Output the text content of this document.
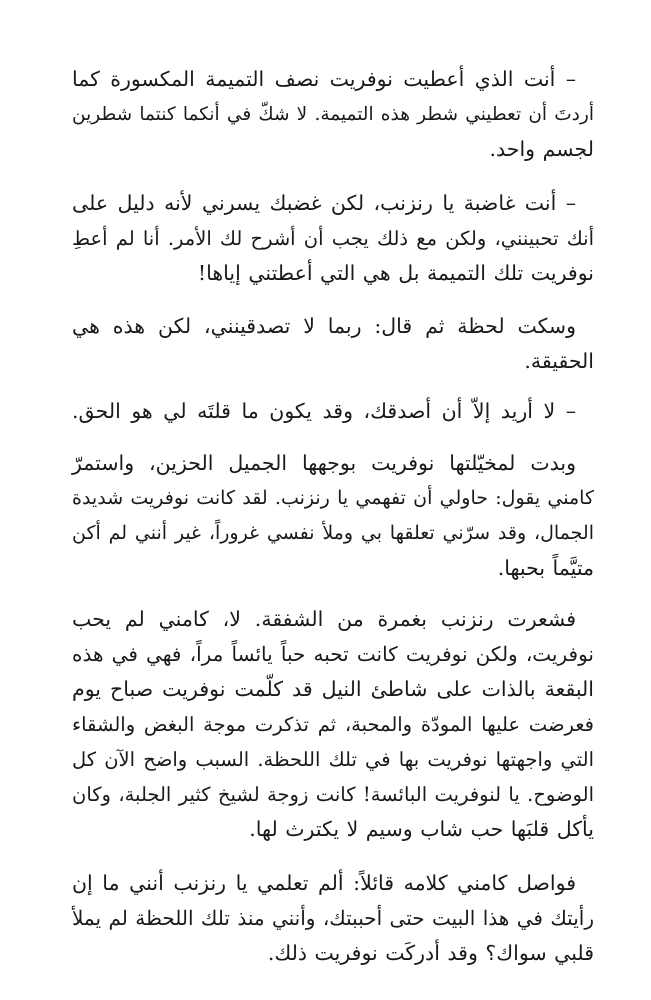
– أنت الذي أعطيت نوفريت نصف التميمة المكسورة كما
أردتَ أن تعطيني شطر هذه التميمة. لا شكّ في أنكما كنتما شطرين
لجسم واحد.
– أنت غاضبة يا رنزنب، لكن غضبك يسرني لأنه دليل على
أنك تحبينني، ولكن مع ذلك يجب أن أشرح لك الأمر. أنا لم أعطِ
نوفريت تلك التميمة بل هي التي أعطتني إياها!
وسكت لحظة ثم قال: ربما لا تصدقينني، لكن هذه هي
الحقيقة.
– لا أريد إلاّ أن أصدقك، وقد يكون ما قلتَه لي هو الحق.
وبدت لمخيّلتها نوفريت بوجهها الجميل الحزين، واستمرّ
كامني يقول: حاولي أن تفهمي يا رنزنب. لقد كانت نوفريت شديدة
الجمال، وقد سرّني تعلقها بي وملأ نفسي غروراً، غير أنني لم أكن
متيَّماً بحبها.
فشعرت رنزنب بغمرة من الشفقة. لا، كامني لم يحب
نوفريت، ولكن نوفريت كانت تحبه حباً يائساً مراً، فهي في هذه
البقعة بالذات على شاطئ النيل قد كلّمت نوفريت صباح يوم
فعرضت عليها المودّة والمحبة، ثم تذكرت موجة البغض والشقاء
التي واجهتها نوفريت بها في تلك اللحظة. السبب واضح الآن كل
الوضوح. يا لنوفريت البائسة! كانت زوجة لشيخ كثير الجلبة، وكان
يأكل قلبَها حب شاب وسيم لا يكترث لها.
فواصل كامني كلامه قائلاً: ألم تعلمي يا رنزنب أنني ما إن
رأيتك في هذا البيت حتى أحببتك، وأنني منذ تلك اللحظة لم يملأ
قلبي سواك؟ وقد أدركَت نوفريت ذلك.
